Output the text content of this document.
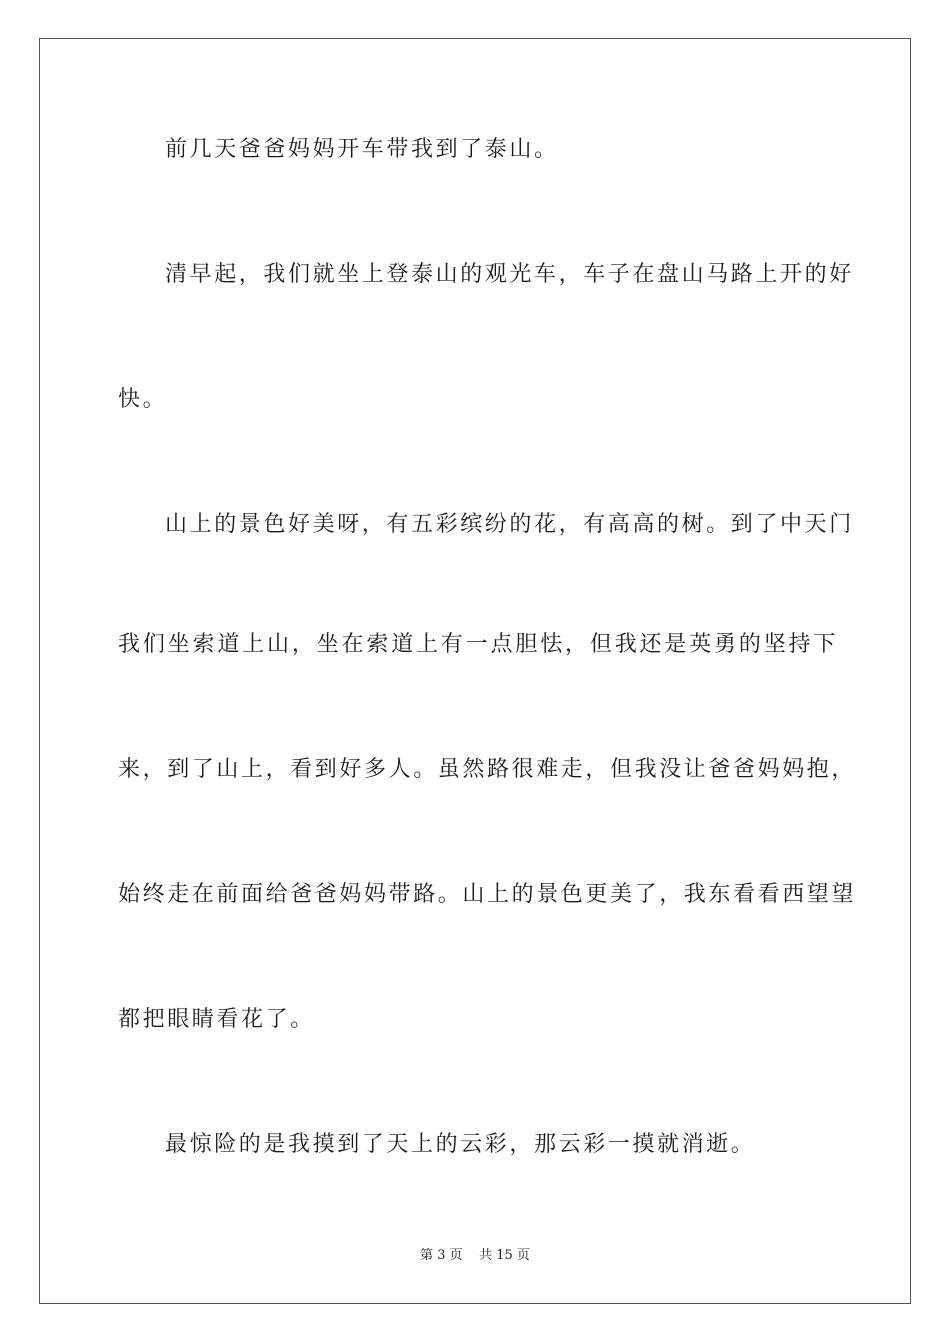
前几天爸爸妈妈开车带我到了泰山。
清早起，我们就坐上登泰山的观光车，车子在盘山马路上开的好
快。
山上的景色好美呀，有五彩缤纷的花，有高高的树。到了中天门
我们坐索道上山，坐在索道上有一点胆怯，但我还是英勇的坚持下
来，到了山上，看到好多人。虽然路很难走，但我没让爸爸妈妈抱，
始终走在前面给爸爸妈妈带路。山上的景色更美了，我东看看西望望
都把眼睛看花了。
最惊险的是我摸到了天上的云彩，那云彩一摸就消逝。
第 3 页    共 15 页
